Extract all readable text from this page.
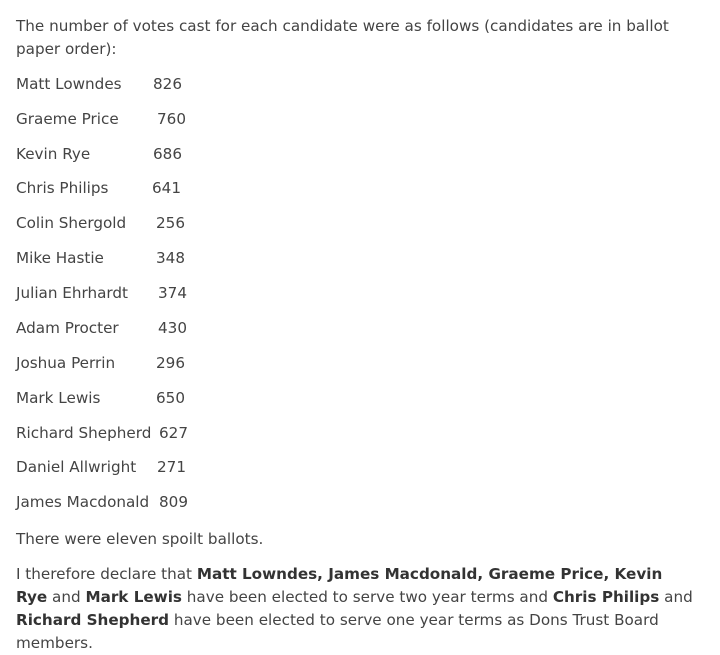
The number of votes cast for each candidate were as follows (candidates are in ballot paper order):

Matt Lowndes 826
Graeme Price	760
Kevin Rye	686
Chris Philips	641
Colin Shergold 256
Mike Hastie	348
Julian Ehrhardt 374
Adam Procter	430
Joshua Perrin	296
Mark Lewis	650
Richard Shepherd 627
Daniel Allwright 271
James Macdonald 809

There were eleven spoilt ballots.

I therefore declare that Matt Lowndes, James Macdonald, Graeme Price, Kevin Rye and Mark Lewis have been elected to serve two year terms and Chris Philips and Richard Shepherd have been elected to serve one year terms as Dons Trust Board members.
